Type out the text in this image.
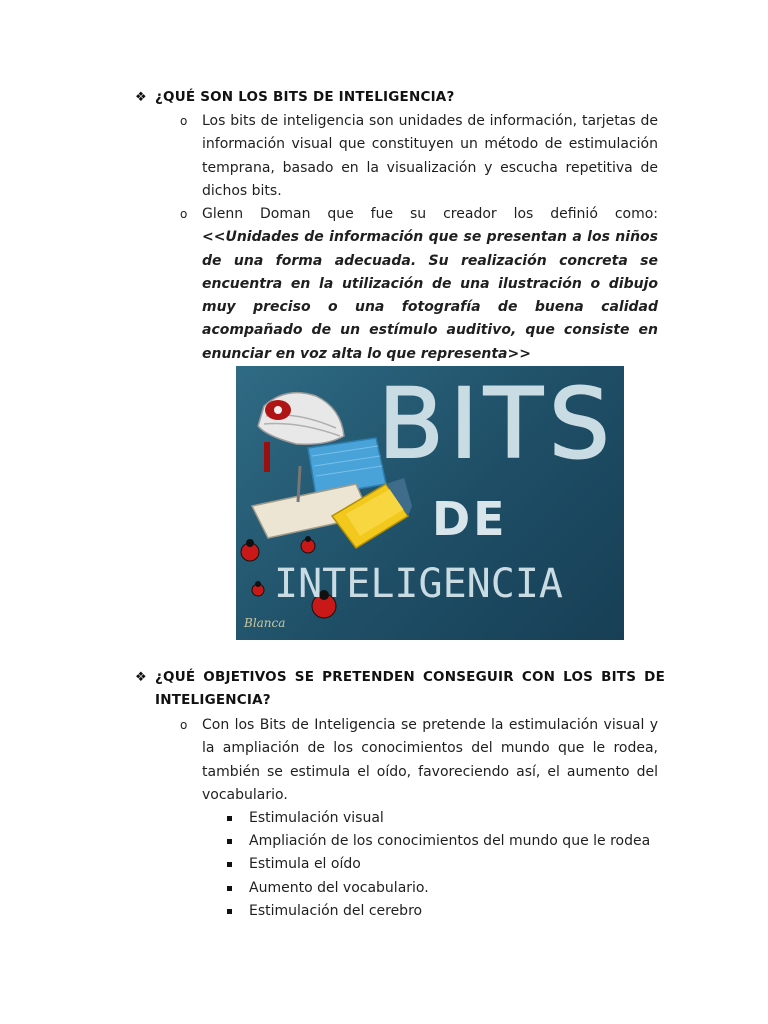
❖ ¿QUÉ SON LOS BITS DE INTELIGENCIA?
o	Los bits de inteligencia son unidades de información, tarjetas de información visual que constituyen un método de estimulación temprana, basado en la visualización y escucha repetitiva de dichos bits.
o	Glenn Doman que fue su creador los definió como: <<Unidades de información que se presentan a los niños de una forma adecuada. Su realización concreta se encuentra en la utilización de una ilustración o dibujo muy preciso o una fotografía de buena calidad acompañado de un estímulo auditivo, que consiste en enunciar en voz alta lo que representa>>
BITS
DE
INTELIGENCIA
Blanca
❖ ¿QUÉ OBJETIVOS SE PRETENDEN CONSEGUIR CON LOS BITS DE INTELIGENCIA?
o	Con los Bits de Inteligencia se pretende la estimulación visual y la ampliación de los conocimientos del mundo que le rodea, también se estimula el oído, favoreciendo así, el aumento del vocabulario.
Estimulación visual
Ampliación de los conocimientos del mundo que le rodea
Estimula el oído
Aumento del vocabulario.
Estimulación del cerebro
